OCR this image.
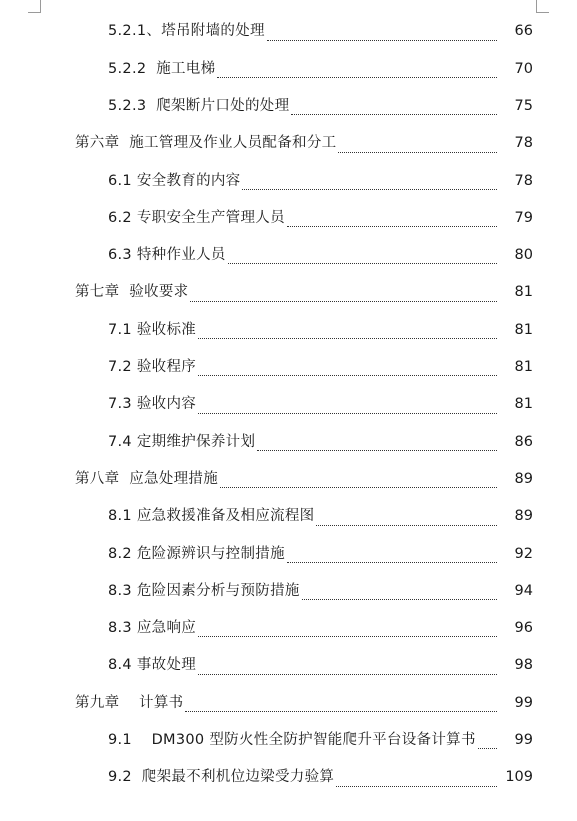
5.2.1、塔吊附墙的处理	66
5.2.2  施工电梯	70
5.2.3  爬架断片口处的处理	75
第六章  施工管理及作业人员配备和分工	78
6.1 安全教育的内容	78
6.2 专职安全生产管理人员	79
6.3 特种作业人员	80
第七章  验收要求	81
7.1 验收标准	81
7.2 验收程序	81
7.3 验收内容	81
7.4 定期维护保养计划	86
第八章  应急处理措施	89
8.1 应急救援准备及相应流程图	89
8.2 危险源辨识与控制措施	92
8.3 危险因素分析与预防措施	94
8.3 应急响应	96
8.4 事故处理	98
第九章    计算书	99
9.1    DM300 型防火性全防护智能爬升平台设备计算书	99
9.2  爬架最不利机位边梁受力验算	109
